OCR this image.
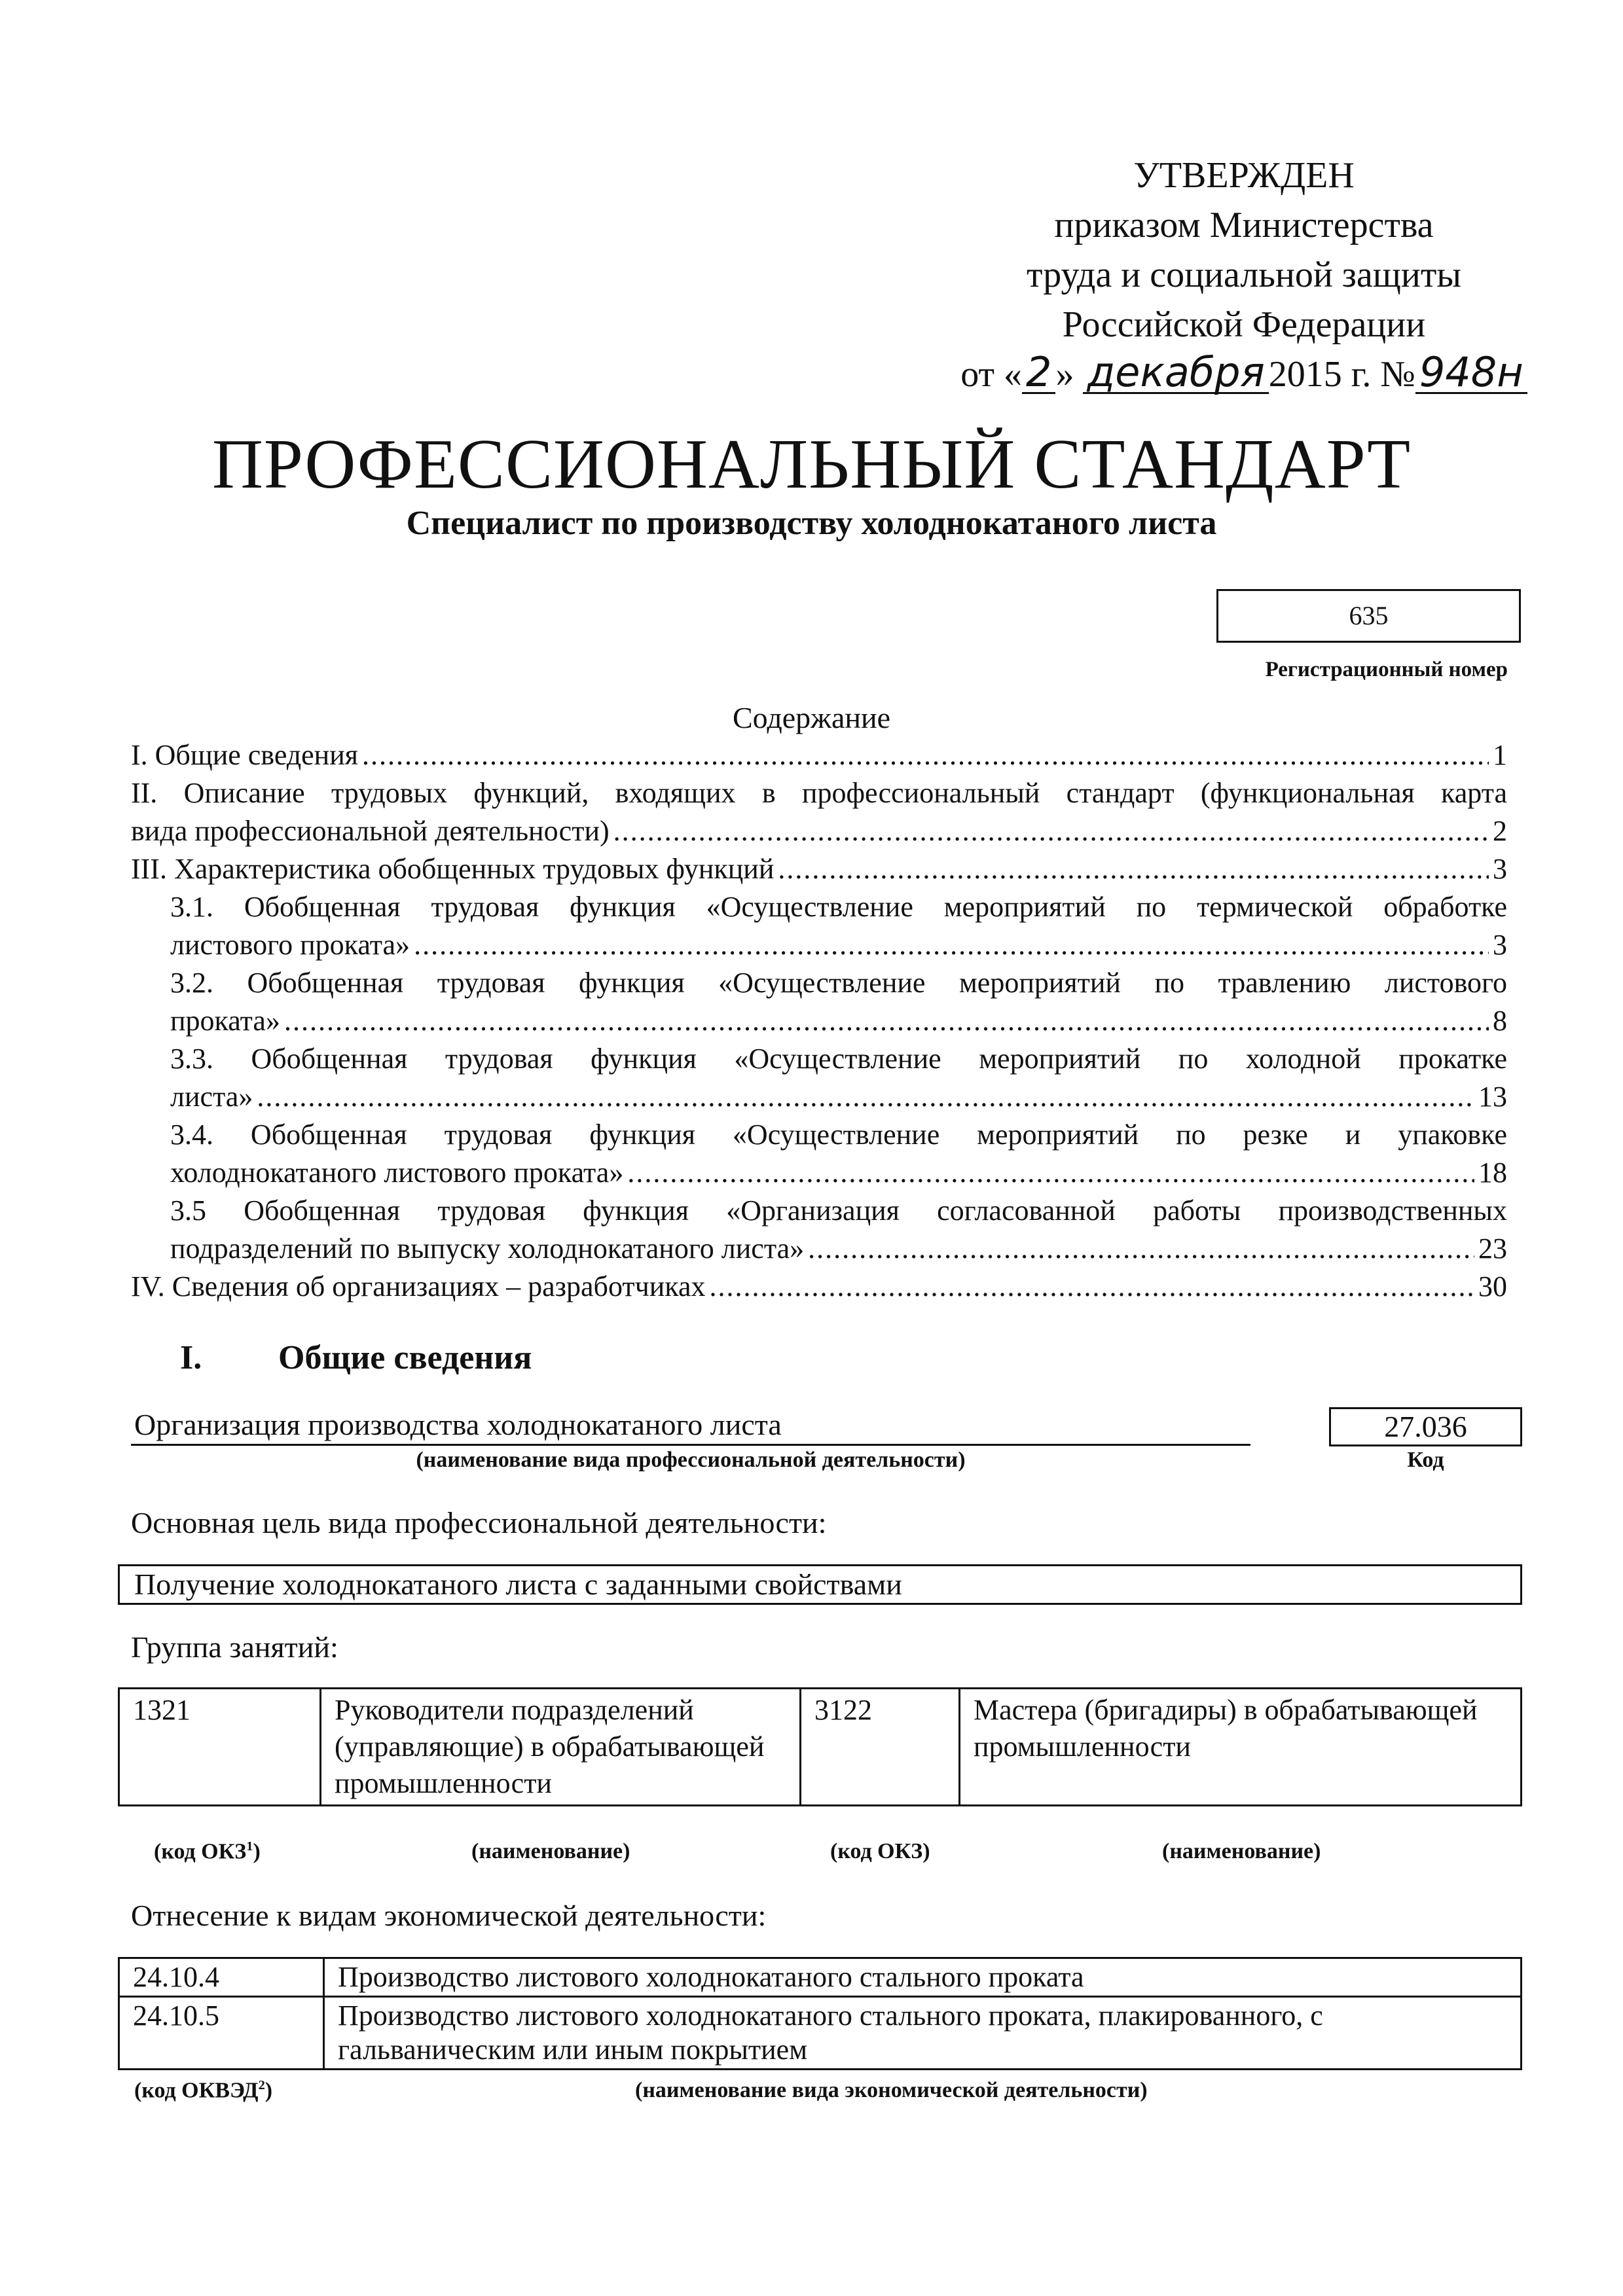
УТВЕРЖДЕН
приказом Министерства
труда и социальной защиты
Российской Федерации
от «2 » декабря 2015 г. №948н
ПРОФЕССИОНАЛЬНЫЙ СТАНДАРТ
Специалист по производству холоднокатаного листа
635
Регистрационный номер
Содержание
I. Общие сведения .....	1
II. Описание трудовых функций, входящих в профессиональный стандарт (функциональная карта
вида профессиональной деятельности) .....	2
III. Характеристика обобщенных трудовых функций .....	3
3.1. Обобщенная трудовая функция «Осуществление мероприятий по термической обработке
листового проката» .....	3
3.2. Обобщенная трудовая функция «Осуществление мероприятий по травлению листового
проката» .....	8
3.3. Обобщенная трудовая функция «Осуществление мероприятий по холодной прокатке
листа» .....	13
3.4. Обобщенная трудовая функция «Осуществление мероприятий по резке и упаковке
холоднокатаного листового проката» .....	18
3.5 Обобщенная трудовая функция «Организация согласованной работы производственных
подразделений по выпуску холоднокатаного листа» .....	23
IV. Сведения об организациях – разработчиках .....	30
I. Общие сведения
Организация производства холоднокатаного листа
(наименование вида профессиональной деятельности)
27.036
Код
Основная цель вида профессиональной деятельности:
Получение холоднокатаного листа с заданными свойствами
Группа занятий:
1321	Руководители подразделений (управляющие) в обрабатывающей промышленности	3122	Мастера (бригадиры) в обрабатывающей промышленности
(код ОКЗ$^1$)	(наименование)	(код ОКЗ)	(наименование)
Отнесение к видам экономической деятельности:
24.10.4	Производство листового холоднокатаного стального проката
24.10.5	Производство листового холоднокатаного стального проката, плакированного, с гальваническим или иным покрытием
(код ОКВЭД$^2$)	(наименование вида экономической деятельности)
